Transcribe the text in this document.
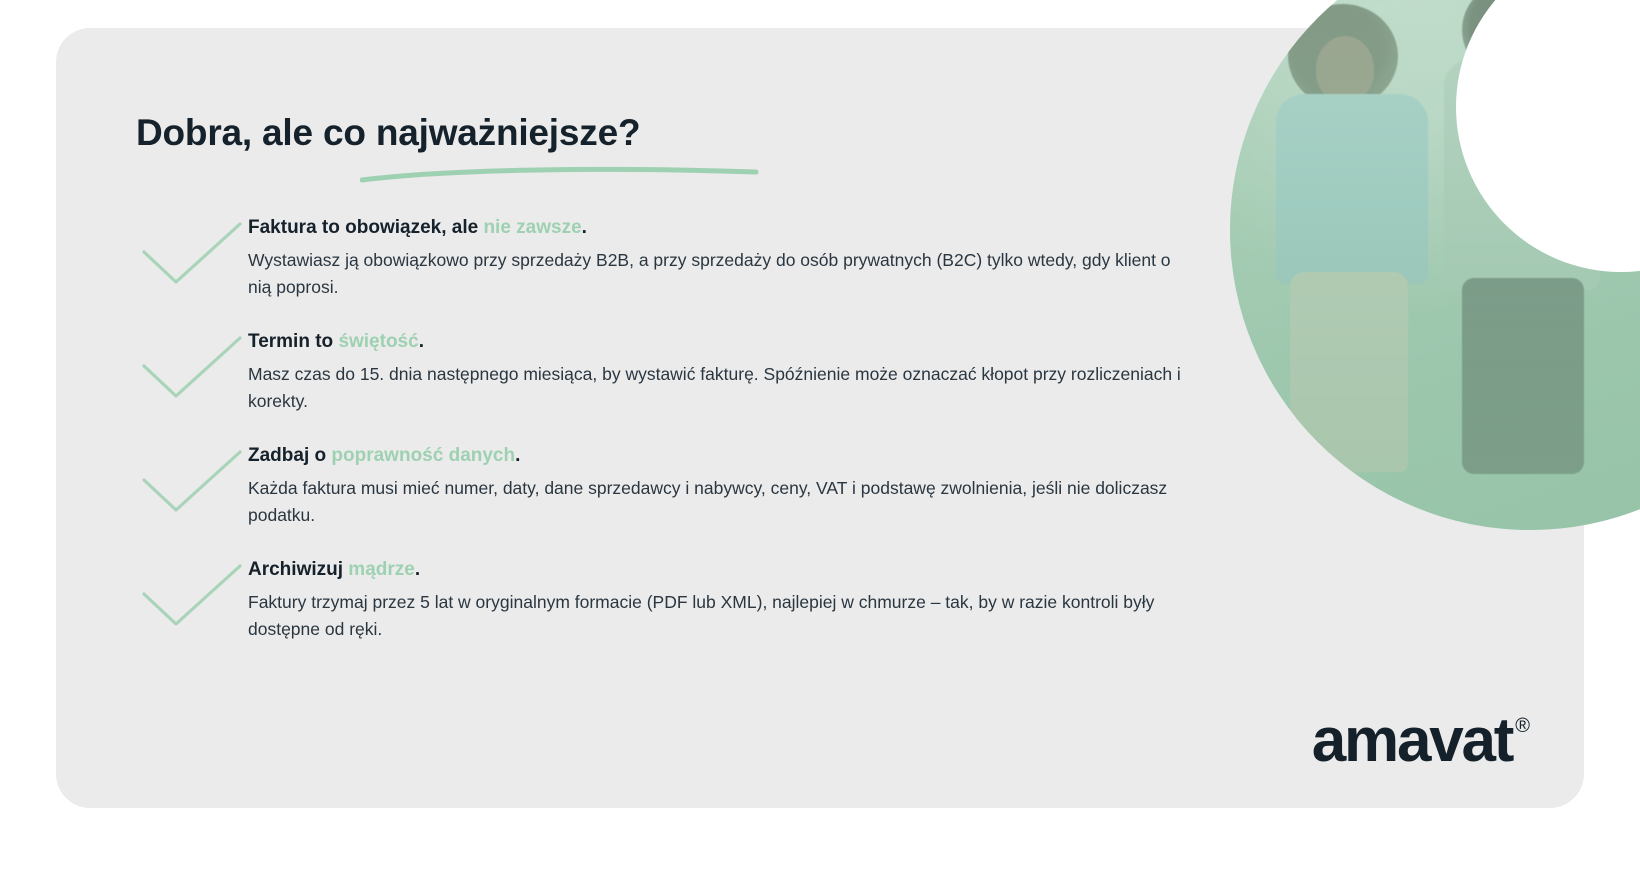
Dobra, ale co najważniejsze?

Faktura to obowiązek, ale nie zawsze.

Wystawiasz ją obowiązkowo przy sprzedaży B2B, a przy sprzedaży do osób prywatnych (B2C) tylko wtedy, gdy klient o nią poprosi.

Termin to świętość.

Masz czas do 15. dnia następnego miesiąca, by wystawić fakturę. Spóźnienie może oznaczać kłopot przy rozliczeniach i korekty.

Zadbaj o poprawność danych.

Każda faktura musi mieć numer, daty, dane sprzedawcy i nabywcy, ceny, VAT i podstawę zwolnienia, jeśli nie doliczasz podatku.

Archiwizuj mądrze.

Faktury trzymaj przez 5 lat w oryginalnym formacie (PDF lub XML), najlepiej w chmurze – tak, by w razie kontroli były dostępne od ręki.

amavat ®
